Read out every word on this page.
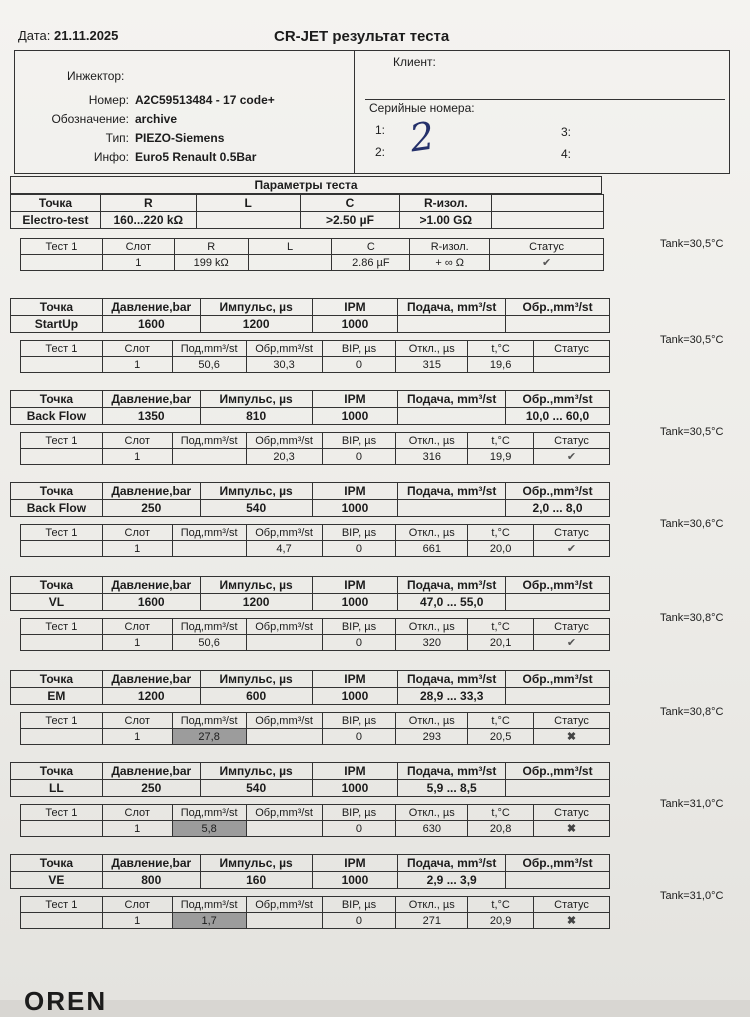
Дата: 21.11.2025	CR-JET результат теста
Инжектор:
Номер: A2C59513484 - 17 code+
Обозначение: archive
Тип: PIEZO-Siemens
Инфо: Euro5 Renault 0.5Bar
Клиент:
Серийные номера:
1:
2:
3:
4:
2
Параметры теста
Точка	R	L	C	R-изол.	
Electro-test	160...220 kΩ		>2.50 µF	>1.00 GΩ	
Тест 1	Слот	R	L	C	R-изол.	Статус
	1	199 kΩ		2.86 µF	+ ∞ Ω	✔
Tank=30,5°C
Точка	Давление,bar	Импульс, µs	IPM	Подача, mm³/st	Обр.,mm³/st
StartUp	1600	1200	1000		
Тест 1	Слот	Под,mm³/st	Обр,mm³/st	BIP, µs	Откл., µs	t,°C	Статус
	1	50,6	30,3	0	315	19,6	
Tank=30,5°C
Точка	Давление,bar	Импульс, µs	IPM	Подача, mm³/st	Обр.,mm³/st
Back Flow	1350	810	1000		10,0 ... 60,0
Тест 1	Слот	Под,mm³/st	Обр,mm³/st	BIP, µs	Откл., µs	t,°C	Статус
	1		20,3	0	316	19,9	✔
Tank=30,5°C
Точка	Давление,bar	Импульс, µs	IPM	Подача, mm³/st	Обр.,mm³/st
Back Flow	250	540	1000		2,0 ... 8,0
Тест 1	Слот	Под,mm³/st	Обр,mm³/st	BIP, µs	Откл., µs	t,°C	Статус
	1		4,7	0	661	20,0	✔
Tank=30,6°C
Точка	Давление,bar	Импульс, µs	IPM	Подача, mm³/st	Обр.,mm³/st
VL	1600	1200	1000	47,0 ... 55,0	
Тест 1	Слот	Под,mm³/st	Обр,mm³/st	BIP, µs	Откл., µs	t,°C	Статус
	1	50,6		0	320	20,1	✔
Tank=30,8°C
Точка	Давление,bar	Импульс, µs	IPM	Подача, mm³/st	Обр.,mm³/st
EM	1200	600	1000	28,9 ... 33,3	
Тест 1	Слот	Под,mm³/st	Обр,mm³/st	BIP, µs	Откл., µs	t,°C	Статус
	1	27,8		0	293	20,5	✖
Tank=30,8°C
Точка	Давление,bar	Импульс, µs	IPM	Подача, mm³/st	Обр.,mm³/st
LL	250	540	1000	5,9 ... 8,5	
Тест 1	Слот	Под,mm³/st	Обр,mm³/st	BIP, µs	Откл., µs	t,°C	Статус
	1	5,8		0	630	20,8	✖
Tank=31,0°C
Точка	Давление,bar	Импульс, µs	IPM	Подача, mm³/st	Обр.,mm³/st
VE	800	160	1000	2,9 ... 3,9	
Тест 1	Слот	Под,mm³/st	Обр,mm³/st	BIP, µs	Откл., µs	t,°C	Статус
	1	1,7		0	271	20,9	✖
Tank=31,0°C
OREN
